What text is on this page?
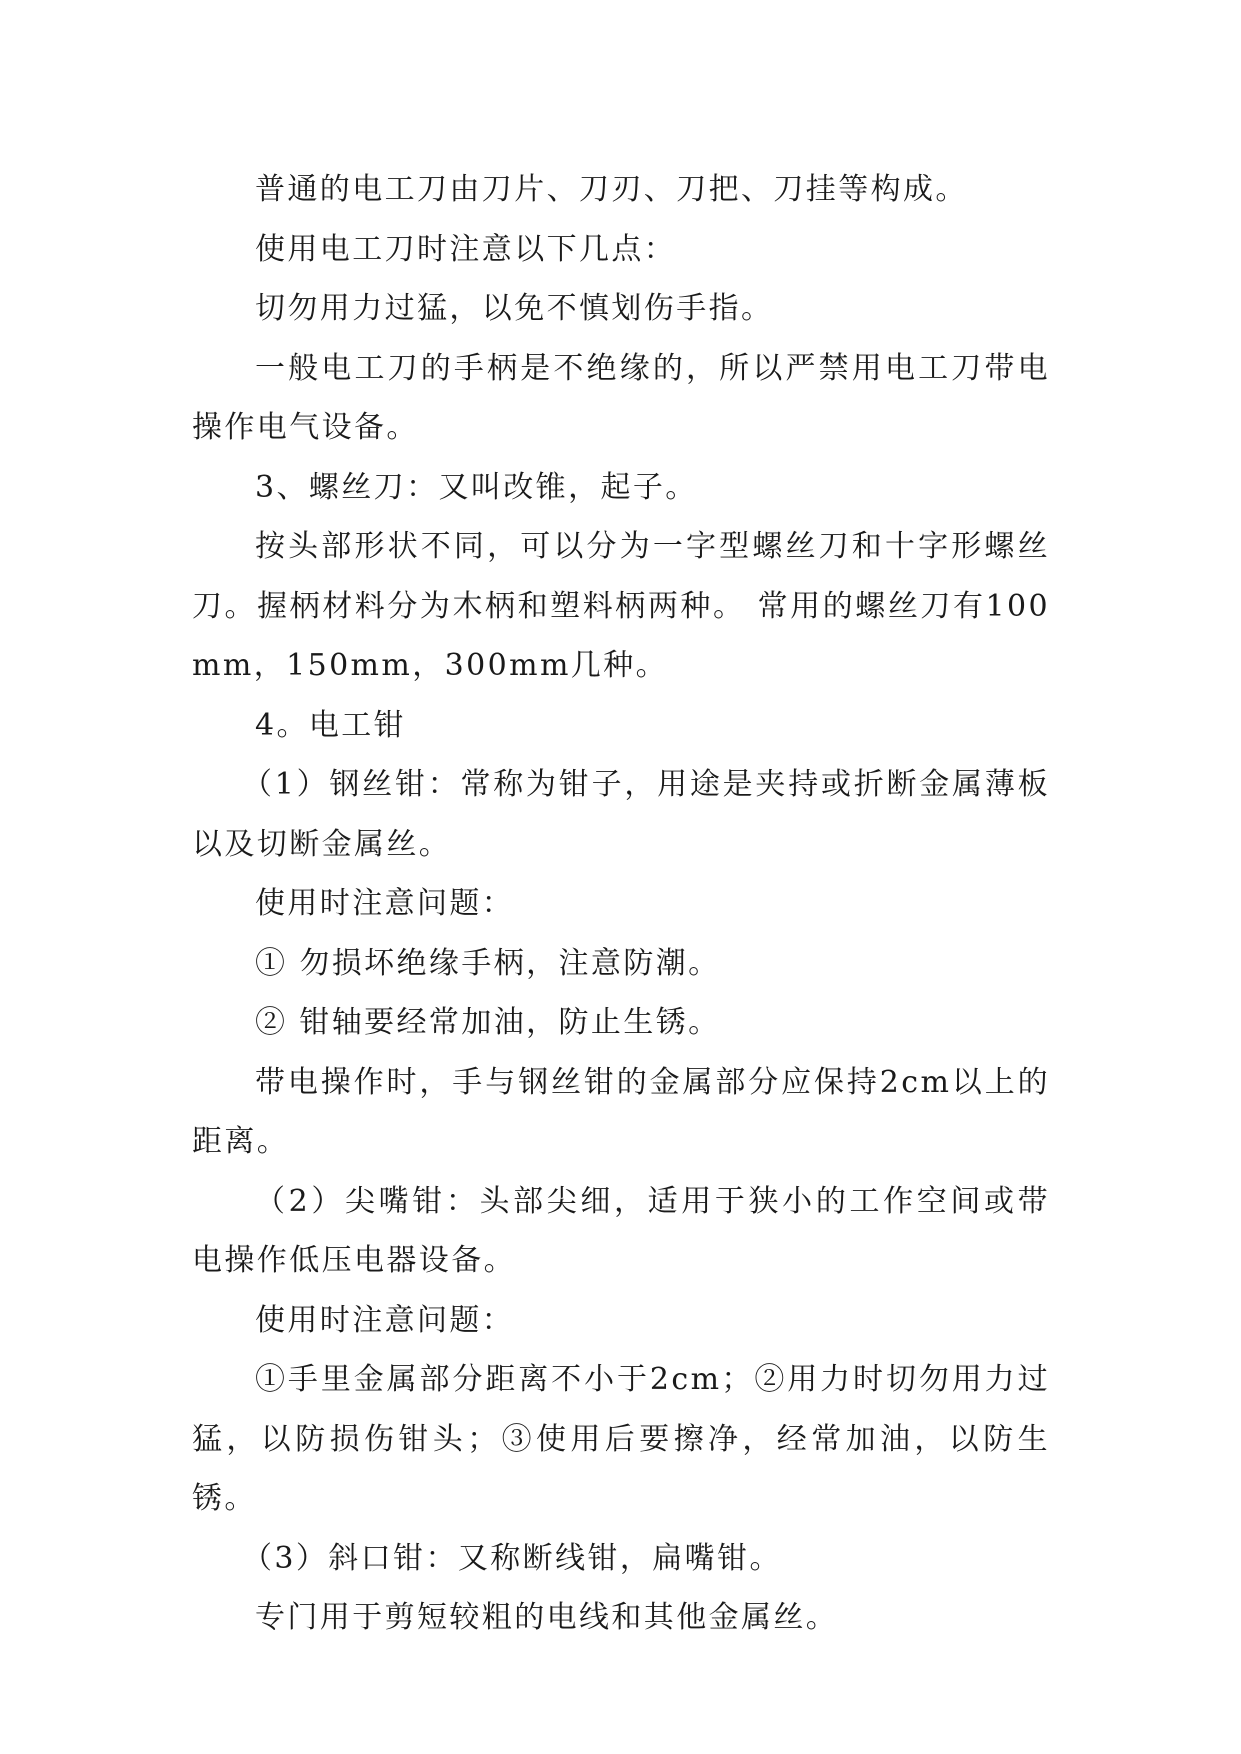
普通的电工刀由刀片、刀刃、刀把、刀挂等构成。

使用电工刀时注意以下几点：

切勿用力过猛，以免不慎划伤手指。

一般电工刀的手柄是不绝缘的，所以严禁用电工刀带电操作电气设备。

3、螺丝刀：又叫改锥，起子。

按头部形状不同，可以分为一字型螺丝刀和十字形螺丝刀。握柄材料分为木柄和塑料柄两种。 常用的螺丝刀有100mm，150mm，300mm几种。

4。电工钳

（1）钢丝钳：常称为钳子，用途是夹持或折断金属薄板以及切断金属丝。

使用时注意问题：

① 勿损坏绝缘手柄，注意防潮。

② 钳轴要经常加油，防止生锈。

带电操作时，手与钢丝钳的金属部分应保持2cm以上的距离。

（2）尖嘴钳：头部尖细，适用于狭小的工作空间或带电操作低压电器设备。

使用时注意问题：

①手里金属部分距离不小于2cm；②用力时切勿用力过猛，以防损伤钳头；③使用后要擦净，经常加油，以防生锈。

（3）斜口钳：又称断线钳，扁嘴钳。

专门用于剪短较粗的电线和其他金属丝。
